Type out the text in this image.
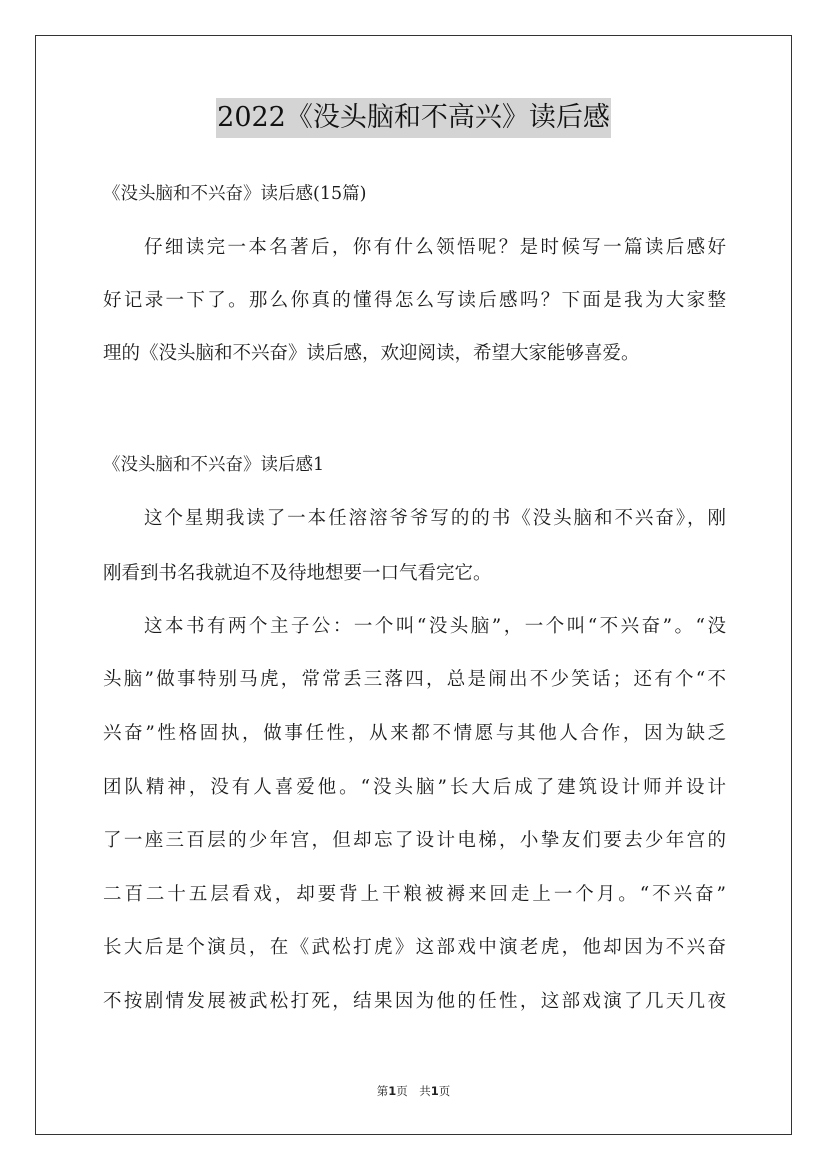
2022《没头脑和不高兴》读后感
《没头脑和不兴奋》读后感(15篇)
仔细读完一本名著后，你有什么领悟呢？是时候写一篇读后感好
好记录一下了。那么你真的懂得怎么写读后感吗？下面是我为大家整
理的《没头脑和不兴奋》读后感，欢迎阅读，希望大家能够喜爱。
《没头脑和不兴奋》读后感1
这个星期我读了一本任溶溶爷爷写的的书《没头脑和不兴奋》，刚
刚看到书名我就迫不及待地想要一口气看完它。
这本书有两个主子公：一个叫“没头脑”，一个叫“不兴奋”。“没
头脑”做事特别马虎，常常丢三落四，总是闹出不少笑话；还有个“不
兴奋”性格固执，做事任性，从来都不情愿与其他人合作，因为缺乏
团队精神，没有人喜爱他。“没头脑”长大后成了建筑设计师并设计
了一座三百层的少年宫，但却忘了设计电梯，小挚友们要去少年宫的
二百二十五层看戏，却要背上干粮被褥来回走上一个月。“不兴奋”
长大后是个演员，在《武松打虎》这部戏中演老虎，他却因为不兴奋
不按剧情发展被武松打死，结果因为他的任性，这部戏演了几天几夜
第1页　共1页
